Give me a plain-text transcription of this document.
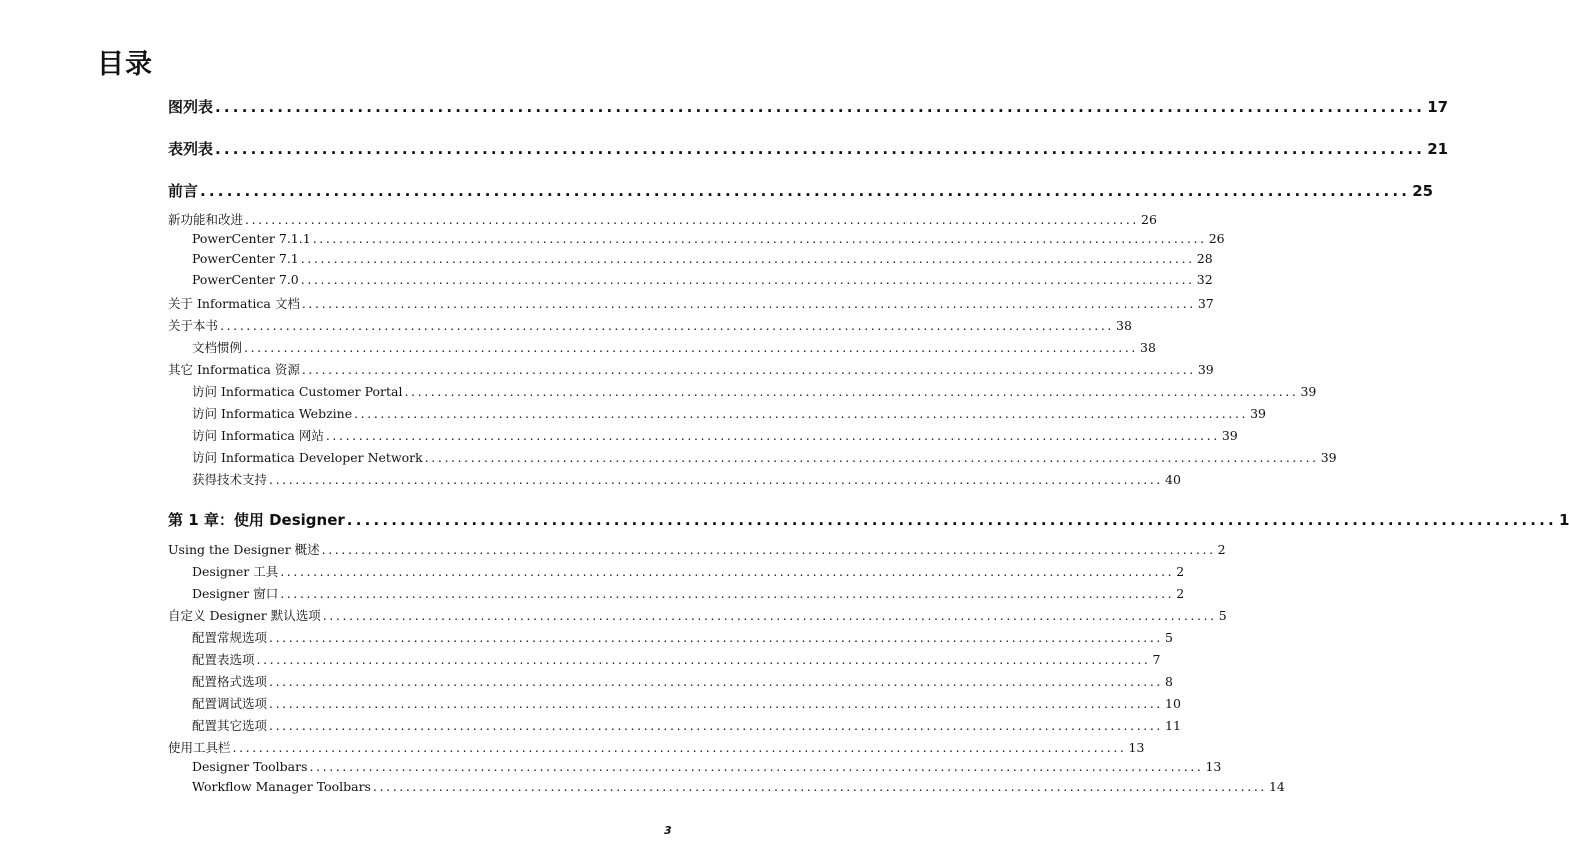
目录
图列表 ........................................................................................................................................ 17
表列表 ........................................................................................................................................ 21
前言 ........................................................................................................................................ 25
新功能和改进 ........................................................................................................................................ 26
PowerCenter 7.1.1 ........................................................................................................................................ 26
PowerCenter 7.1 ........................................................................................................................................ 28
PowerCenter 7.0 ........................................................................................................................................ 32
关于 Informatica 文档 ........................................................................................................................................ 37
关于本书 ........................................................................................................................................ 38
文档惯例 ........................................................................................................................................ 38
其它 Informatica 资源 ........................................................................................................................................ 39
访问 Informatica Customer Portal ........................................................................................................................................ 39
访问 Informatica Webzine ........................................................................................................................................ 39
访问 Informatica 网站 ........................................................................................................................................ 39
访问 Informatica Developer Network ........................................................................................................................................ 39
获得技术支持 ........................................................................................................................................ 40
第 1 章：使用 Designer ........................................................................................................................................ 1
Using the Designer 概述 ........................................................................................................................................ 2
Designer 工具 ........................................................................................................................................ 2
Designer 窗口 ........................................................................................................................................ 2
自定义 Designer 默认选项 ........................................................................................................................................ 5
配置常规选项 ........................................................................................................................................ 5
配置表选项 ........................................................................................................................................ 7
配置格式选项 ........................................................................................................................................ 8
配置调试选项 ........................................................................................................................................ 10
配置其它选项 ........................................................................................................................................ 11
使用工具栏 ........................................................................................................................................ 13
Designer Toolbars ........................................................................................................................................ 13
Workflow Manager Toolbars ........................................................................................................................................ 14
3
